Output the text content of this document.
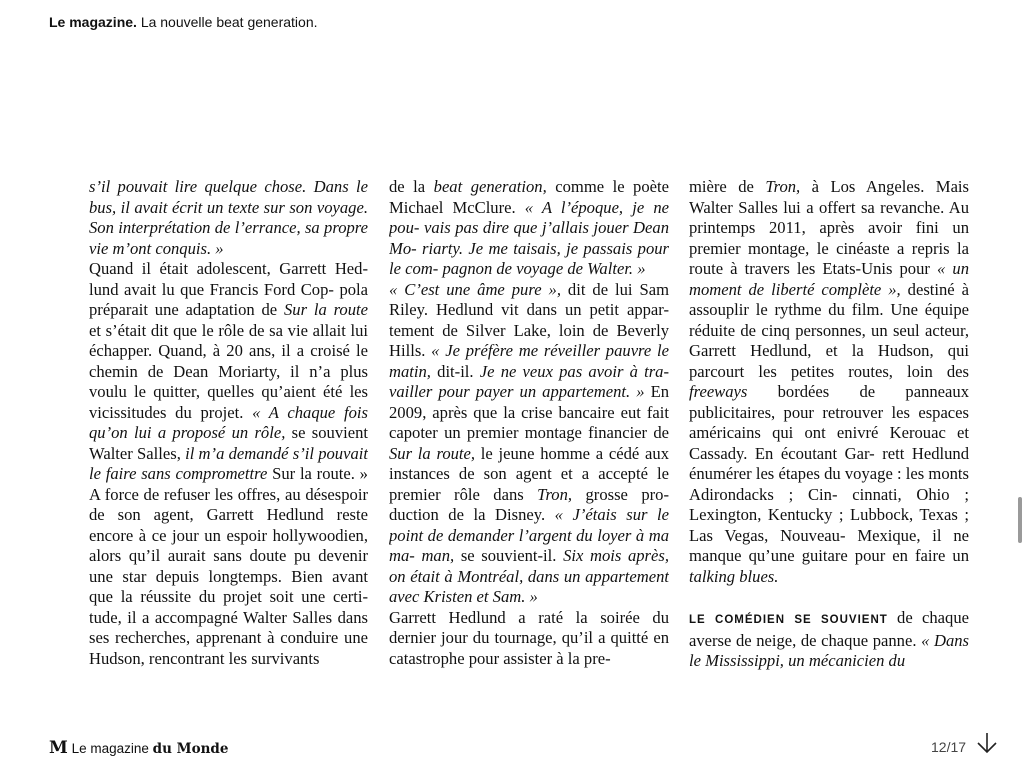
Le magazine. La nouvelle beat generation.

s’il pouvait lire quelque chose. Dans le bus, il avait écrit un texte sur son voyage. Son interprétation de l’errance, sa propre vie m’ont conquis. »

Quand il était adolescent, Garrett Hed- lund avait lu que Francis Ford Cop- pola préparait une adaptation de Sur la route et s’était dit que le rôle de sa vie allait lui échapper. Quand, à 20 ans, il a croisé le chemin de Dean Moriarty, il n’a plus voulu le quitter, quelles qu’aient été les vicissitudes du projet. « A chaque fois qu’on lui a proposé un rôle, se souvient Walter Salles, il m’a demandé s’il pouvait le faire sans compromettre Sur la route. » A force de refuser les offres, au désespoir de son agent, Garrett Hedlund reste encore à ce jour un espoir hollywoodien, alors qu’il aurait sans doute pu devenir une star depuis longtemps. Bien avant que la réussite du projet soit une certi- tude, il a accompagné Walter Salles dans ses recherches, apprenant à conduire une Hudson, rencontrant les survivants

de la beat generation, comme le poète Michael McClure. « A l’époque, je ne pou- vais pas dire que j’allais jouer Dean Mo- riarty. Je me taisais, je passais pour le com- pagnon de voyage de Walter. »

« C’est une âme pure », dit de lui Sam Riley. Hedlund vit dans un petit appar- tement de Silver Lake, loin de Beverly Hills. « Je préfère me réveiller pauvre le matin, dit-il. Je ne veux pas avoir à tra- vailler pour payer un appartement. » En 2009, après que la crise bancaire eut fait capoter un premier montage financier de Sur la route, le jeune homme a cédé aux instances de son agent et a accepté le premier rôle dans Tron, grosse pro- duction de la Disney. « J’étais sur le point de demander l’argent du loyer à ma ma- man, se souvient-il. Six mois après, on était à Montréal, dans un appartement avec Kristen et Sam. »

Garrett Hedlund a raté la soirée du dernier jour du tournage, qu’il a quitté en catastrophe pour assister à la pre-

mière de Tron, à Los Angeles. Mais Walter Salles lui a offert sa revanche. Au printemps 2011, après avoir fini un premier montage, le cinéaste a repris la route à travers les Etats-Unis pour « un moment de liberté complète », destiné à assouplir le rythme du film. Une équipe réduite de cinq personnes, un seul acteur, Garrett Hedlund, et la Hudson, qui parcourt les petites routes, loin des freeways bordées de panneaux publicitaires, pour retrouver les espaces américains qui ont enivré Kerouac et Cassady. En écoutant Gar- rett Hedlund énumérer les étapes du voyage : les monts Adirondacks ; Cin- cinnati, Ohio ; Lexington, Kentucky ; Lubbock, Texas ; Las Vegas, Nouveau- Mexique, il ne manque qu’une guitare pour en faire un talking blues.

LE COMÉDIEN SE SOUVIENT de chaque averse de neige, de chaque panne. « Dans le Mississippi, un mécanicien du

M Le magazine du Monde	12/17
